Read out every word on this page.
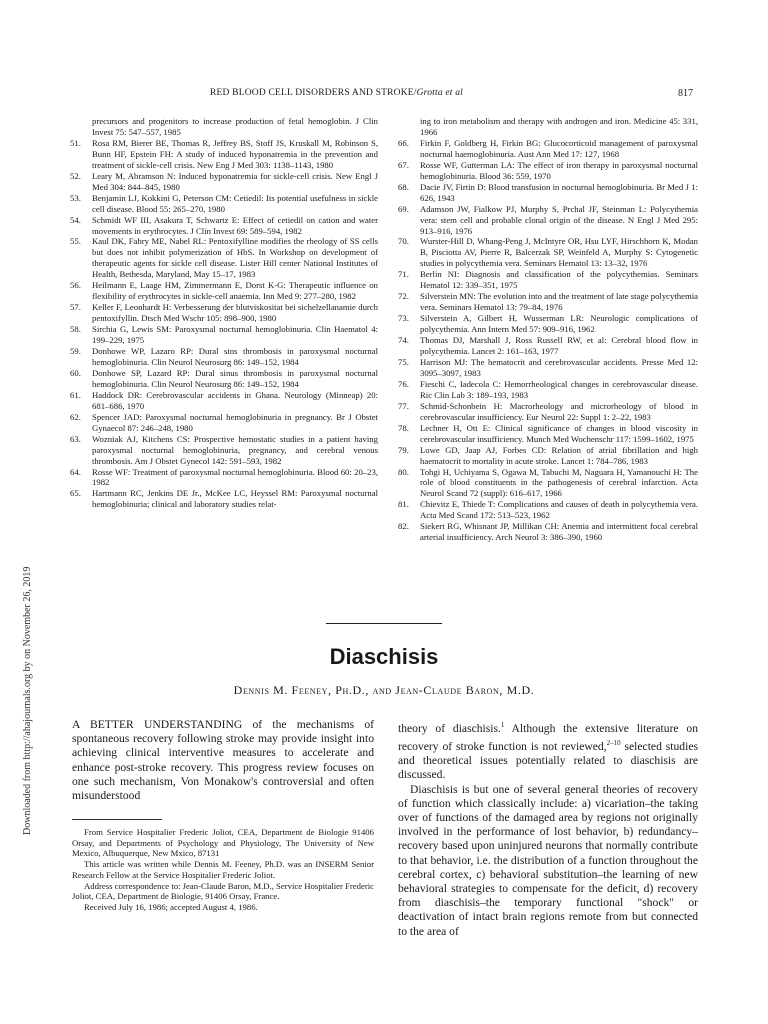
RED BLOOD CELL DISORDERS AND STROKE/Grotta et al	817
Downloaded from http://ahajournals.org by on November 26, 2019
precursors and progenitors to increase production of fetal hemoglobin. J Clin Invest 75: 547–557, 1985
51.	Rosa RM, Bierer BE, Thomas R, Jeffrey BS, Stoff JS, Kruskall M, Robinson S, Bunn HF, Epstein FH: A study of induced hyponatremia in the prevention and treatment of sickle-cell crisis. New Eng J Med 303: 1138–1143, 1980
52.	Leary M, Abramson N: Induced hyponatremia for sickle-cell crisis. New Engl J Med 304: 844–845, 1980
53.	Benjamin LJ, Kokkini G, Peterson CM: Cetiedil: Its potential usefulness in sickle cell disease. Blood 55: 265–270, 1980
54.	Schmidt WF III, Asakura T, Schwartz E: Effect of cetiedil on cation and water movements in erythrocytes. J Clin Invest 69: 589–594, 1982
55.	Kaul DK, Fabry ME, Nabel RL: Pentoxifylline modifies the rheology of SS cells but does not inhibit polymerization of HbS. In Workshop on development of therapeutic agents for sickle cell disease. Lister Hill center National Institutes of Health, Bethesda, Maryland, May 15–17, 1983
56.	Heilmann E, Laage HM, Zimmermann E, Dorst K-G: Therapeutic influence on flexibility of erythrocytes in sickle-cell anaemia. Inn Med 9: 277–280, 1982
57.	Keller F, Leonhardt H: Verbesserung der blutviskositat bei sichelzellanamie durch pentoxifyllin. Dtsch Med Wschr 105: 898–900, 1980
58.	Sirchia G, Lewis SM: Paroxysmal nocturnal hemoglobinuria. Clin Haematol 4: 199–229, 1975
59.	Donhowe WP, Lazaro RP: Dural sins thrombosis in paroxysmal nocturnal hemoglobinuria. Clin Neurol Neurosurg 86: 149–152, 1984
60.	Donhowe SP, Lazard RP: Dural sinus thrombosis in paroxysmal nocturnal hemoglobinuria. Clin Neurol Neurosurg 86: 149–152, 1984
61.	Haddock DR: Cerebrovascular accidents in Ghana. Neurology (Minneap) 20: 681–686, 1970
62.	Spencer JAD: Paroxysmal nocturnal hemoglobinuria in pregnancy. Br J Obstet Gynaecol 87: 246–248, 1980
63.	Wozniak AJ, Kitchens CS: Prospective hemostatic studies in a patient having paroxysmal nocturnal hemoglobinuria, pregnancy, and cerebral venous thrombosis. Am J Obstet Gynecol 142: 591–593, 1982
64.	Rosse WF: Treatment of paroxysmal nocturnal hemoglobinuria. Blood 60: 20–23, 1982
65.	Hartmann RC, Jenkins DE Jr., McKee LC, Heyssel RM: Paroxysmal nocturnal hemoglobinuria; clinical and laboratory studies relat-
ing to iron metabolism and therapy with androgen and iron. Medicine 45: 331, 1966
66.	Firkin F, Goldberg H, Firkin BG: Glucocorticoid management of paroxysmal nocturnal haemoglobinuria. Aust Ann Med 17: 127, 1968
67.	Rosse WF, Gutterman LA: The effect of iron therapy in paroxysmal nocturnal hemoglobinuria. Blood 36: 559, 1970
68.	Dacie JV, Firtin D: Blood transfusion in nocturnal hemoglobinuria. Br Med J 1: 626, 1943
69.	Adamson JW, Fialkow PJ, Murphy S, Prchal JF, Steinman L: Polycythemia vera: stem cell and probable clonal origin of the disease. N Engl J Med 295: 913–916, 1976
70.	Wurster-Hill D, Whang-Peng J, McIntyre OR, Hsu LYF, Hirschhorn K, Modan B, Pisciotta AV, Pierre R, Balcerzak SP, Weinfeld A, Murphy S: Cytogenetic studies in polycythemia vera. Seminars Hematol 13: 13–32, 1976
71.	Berlin NI: Diagnosis and classification of the polycythemias. Seminars Hematol 12: 339–351, 1975
72.	Silverstein MN: The evolution into and the treatment of late stage polycythemia vera. Seminars Hematol 13: 79–84, 1976
73.	Silverstein A, Gilbert H, Wusserman LR: Neurologic complications of polycythemia. Ann Intern Med 57: 909–916, 1962
74.	Thomas DJ, Marshall J, Ross Russell RW, et al: Cerebral blood flow in polycythemia. Lancet 2: 161–163, 1977
75.	Harrison MJ: The hematocrit and cerebrovascular accidents. Presse Med 12: 3095–3097, 1983
76.	Fieschi C, Iadecola C: Hemorrheological changes in cerebrovascular disease. Ric Clin Lab 3: 189–193, 1983
77.	Schmid-Schonbein H: Macrorheology and microrheology of blood in cerebrovascular insufficiency. Eur Neurol 22: Suppl 1: 2–22, 1983
78.	Lechner H, Ott E: Clinical significance of changes in blood viscosity in cerebrovascular insufficiency. Munch Med Wochenschr 117: 1599–1602, 1975
79.	Lowe GD, Jaap AJ, Forbes CD: Relation of atrial fibrillation and high haematocrit to mortality in acute stroke. Lancet 1: 784–786, 1983
80.	Tohgi H, Uchiyama S, Ogawa M, Tabuchi M, Naguara H, Yamanouchi H: The role of blood constituents in the pathogenesis of cerebral infarction. Acta Neurol Scand 72 (suppl): 616–617, 1966
81.	Chievitz E, Thiede T: Complications and causes of death in polycythemia vera. Acta Med Scand 172: 513–523, 1962
82.	Siekert RG, Whisnant JP, Millikan CH: Anemia and intermittent focal cerebral arterial insufficiency. Arch Neurol 3: 386–390, 1960
Diaschisis
Dennis M. Feeney, Ph.D., and Jean-Claude Baron, M.D.

A BETTER UNDERSTANDING of the mechanisms of spontaneous recovery following stroke may provide insight into achieving clinical interventive measures to accelerate and enhance post-stroke recovery. This progress review focuses on one such mechanism, Von Monakow's controversial and often misunderstood

From Service Hospitalier Frederic Joliot, CEA, Department de Biologie 91406 Orsay, and Departments of Psychology and Physiology, The University of New Mexico, Albuquerque, New Mxico, 87131

This article was written while Dennis M. Feeney, Ph.D. was an INSERM Senior Research Fellow at the Service Hospitalier Frederic Joliot.

Address correspondence to: Jean-Claude Baron, M.D., Service Hospitalier Frederic Joliot, CEA, Department de Biologie, 91406 Orsay, France.

Received July 16, 1986; accepted August 4, 1986.

theory of diaschisis.$^1$ Although the extensive literature on recovery of stroke function is not reviewed,$^{2-10}$ selected studies and theoretical issues potentially related to diaschisis are discussed.

Diaschisis is but one of several general theories of recovery of function which classically include: a) vicariation–the taking over of functions of the damaged area by regions not originally involved in the performance of lost behavior, b) redundancy–recovery based upon uninjured neurons that normally contribute to that behavior, i.e. the distribution of a function throughout the cerebral cortex, c) behavioral substitution–the learning of new behavioral strategies to compensate for the deficit, d) recovery from diaschisis–the temporary functional "shock" or deactivation of intact brain regions remote from but connected to the area of
